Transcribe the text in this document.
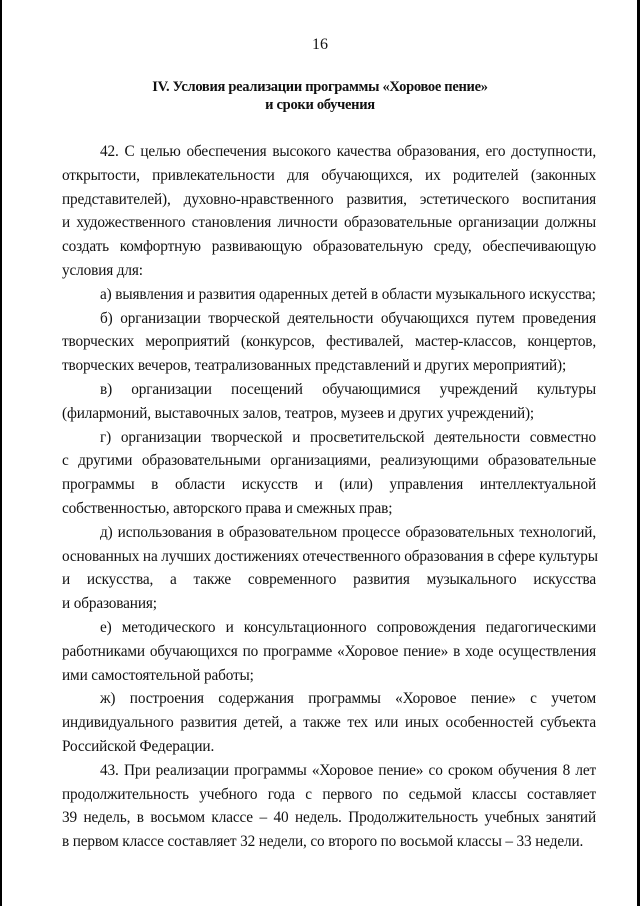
16
IV. Условия реализации программы «Хоровое пение»
и сроки обучения
42. С целью обеспечения высокого качества образования, его доступности,
открытости, привлекательности для обучающихся, их родителей (законных
представителей), духовно-нравственного развития, эстетического воспитания
и художественного становления личности образовательные организации должны
создать комфортную развивающую образовательную среду, обеспечивающую
условия для:
а) выявления и развития одаренных детей в области музыкального искусства;
б) организации творческой деятельности обучающихся путем проведения
творческих мероприятий (конкурсов, фестивалей, мастер-классов, концертов,
творческих вечеров, театрализованных представлений и других мероприятий);
в) организации посещений обучающимися учреждений культуры
(филармоний, выставочных залов, театров, музеев и других учреждений);
г) организации творческой и просветительской деятельности совместно
с другими образовательными организациями, реализующими образовательные
программы в области искусств и (или) управления интеллектуальной
собственностью, авторского права и смежных прав;
д) использования в образовательном процессе образовательных технологий,
основанных на лучших достижениях отечественного образования в сфере культуры
и искусства, а также современного развития музыкального искусства
и образования;
е) методического и консультационного сопровождения педагогическими
работниками обучающихся по программе «Хоровое пение» в ходе осуществления
ими самостоятельной работы;
ж) построения содержания программы «Хоровое пение» с учетом
индивидуального развития детей, а также тех или иных особенностей субъекта
Российской Федерации.
43. При реализации программы «Хоровое пение» со сроком обучения 8 лет
продолжительность учебного года с первого по седьмой классы составляет
39 недель, в восьмом классе – 40 недель. Продолжительность учебных занятий
в первом классе составляет 32 недели, со второго по восьмой классы – 33 недели.
